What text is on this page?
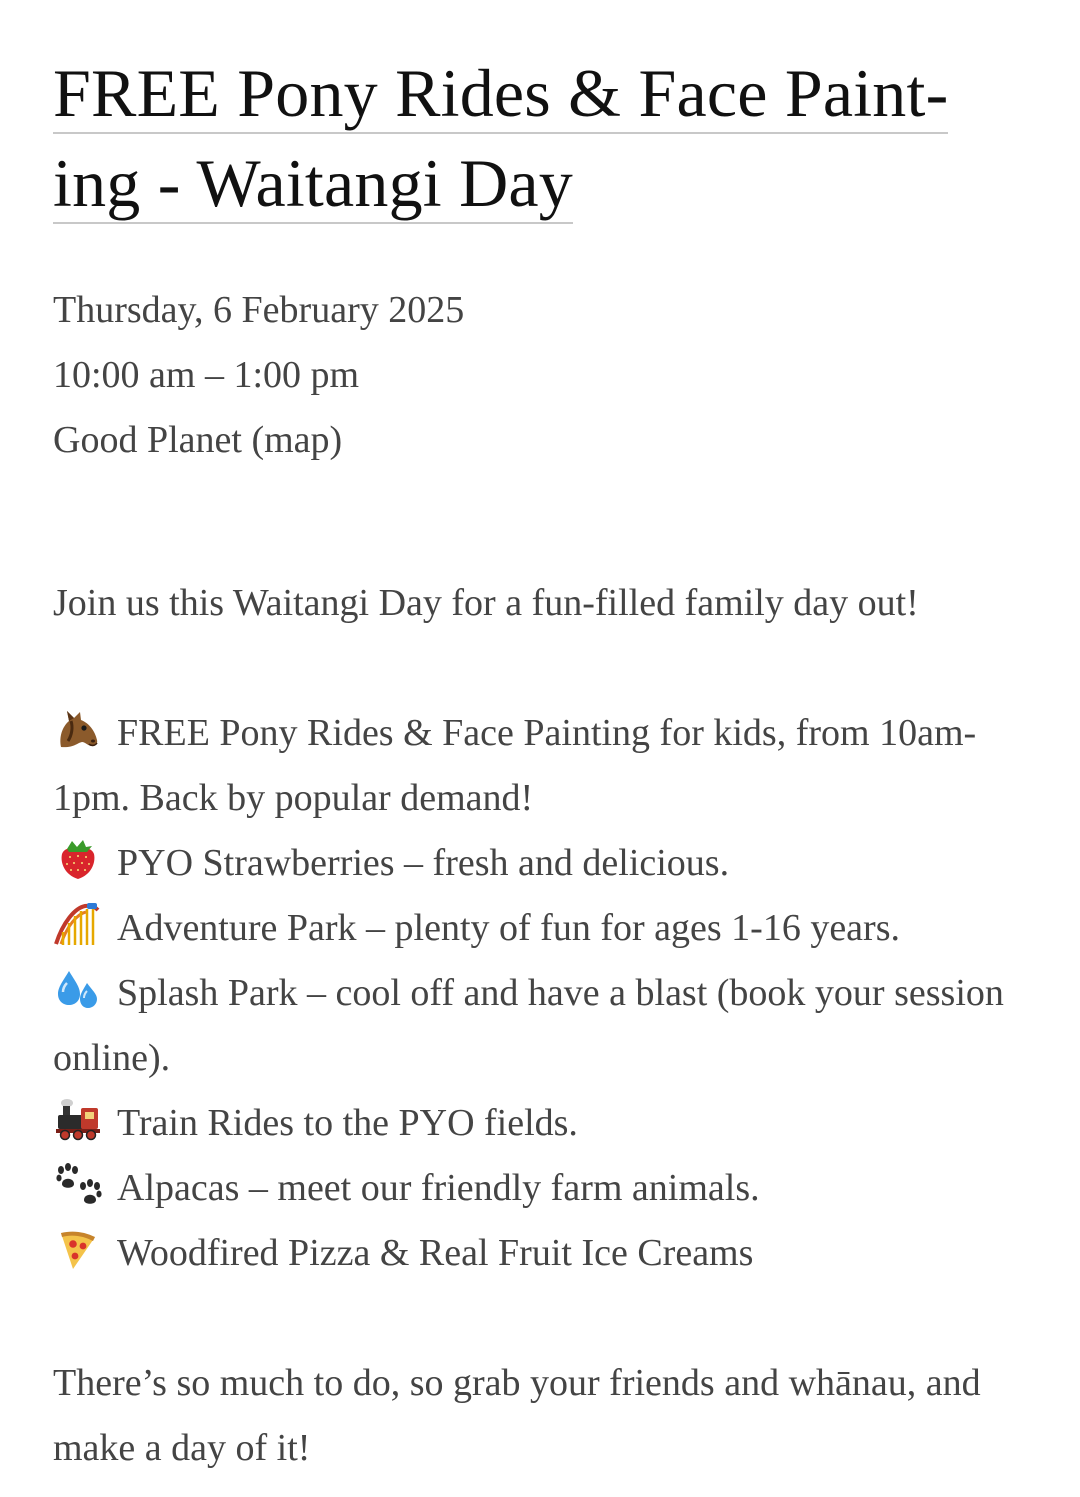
FREE Pony Rides & Face Paint-
ing - Waitangi Day
Thursday, 6 February 2025
10:00 am – 1:00 pm
Good Planet (map)
Join us this Waitangi Day for a fun-filled family day out!
FREE Pony Rides & Face Painting for kids, from 10am-1pm. Back by popular demand!
PYO Strawberries – fresh and delicious.
Adventure Park – plenty of fun for ages 1-16 years.
Splash Park – cool off and have a blast (book your session online).
Train Rides to the PYO fields.
Alpacas – meet our friendly farm animals.
Woodfired Pizza & Real Fruit Ice Creams
There’s so much to do, so grab your friends and whānau, and make a day of it!
